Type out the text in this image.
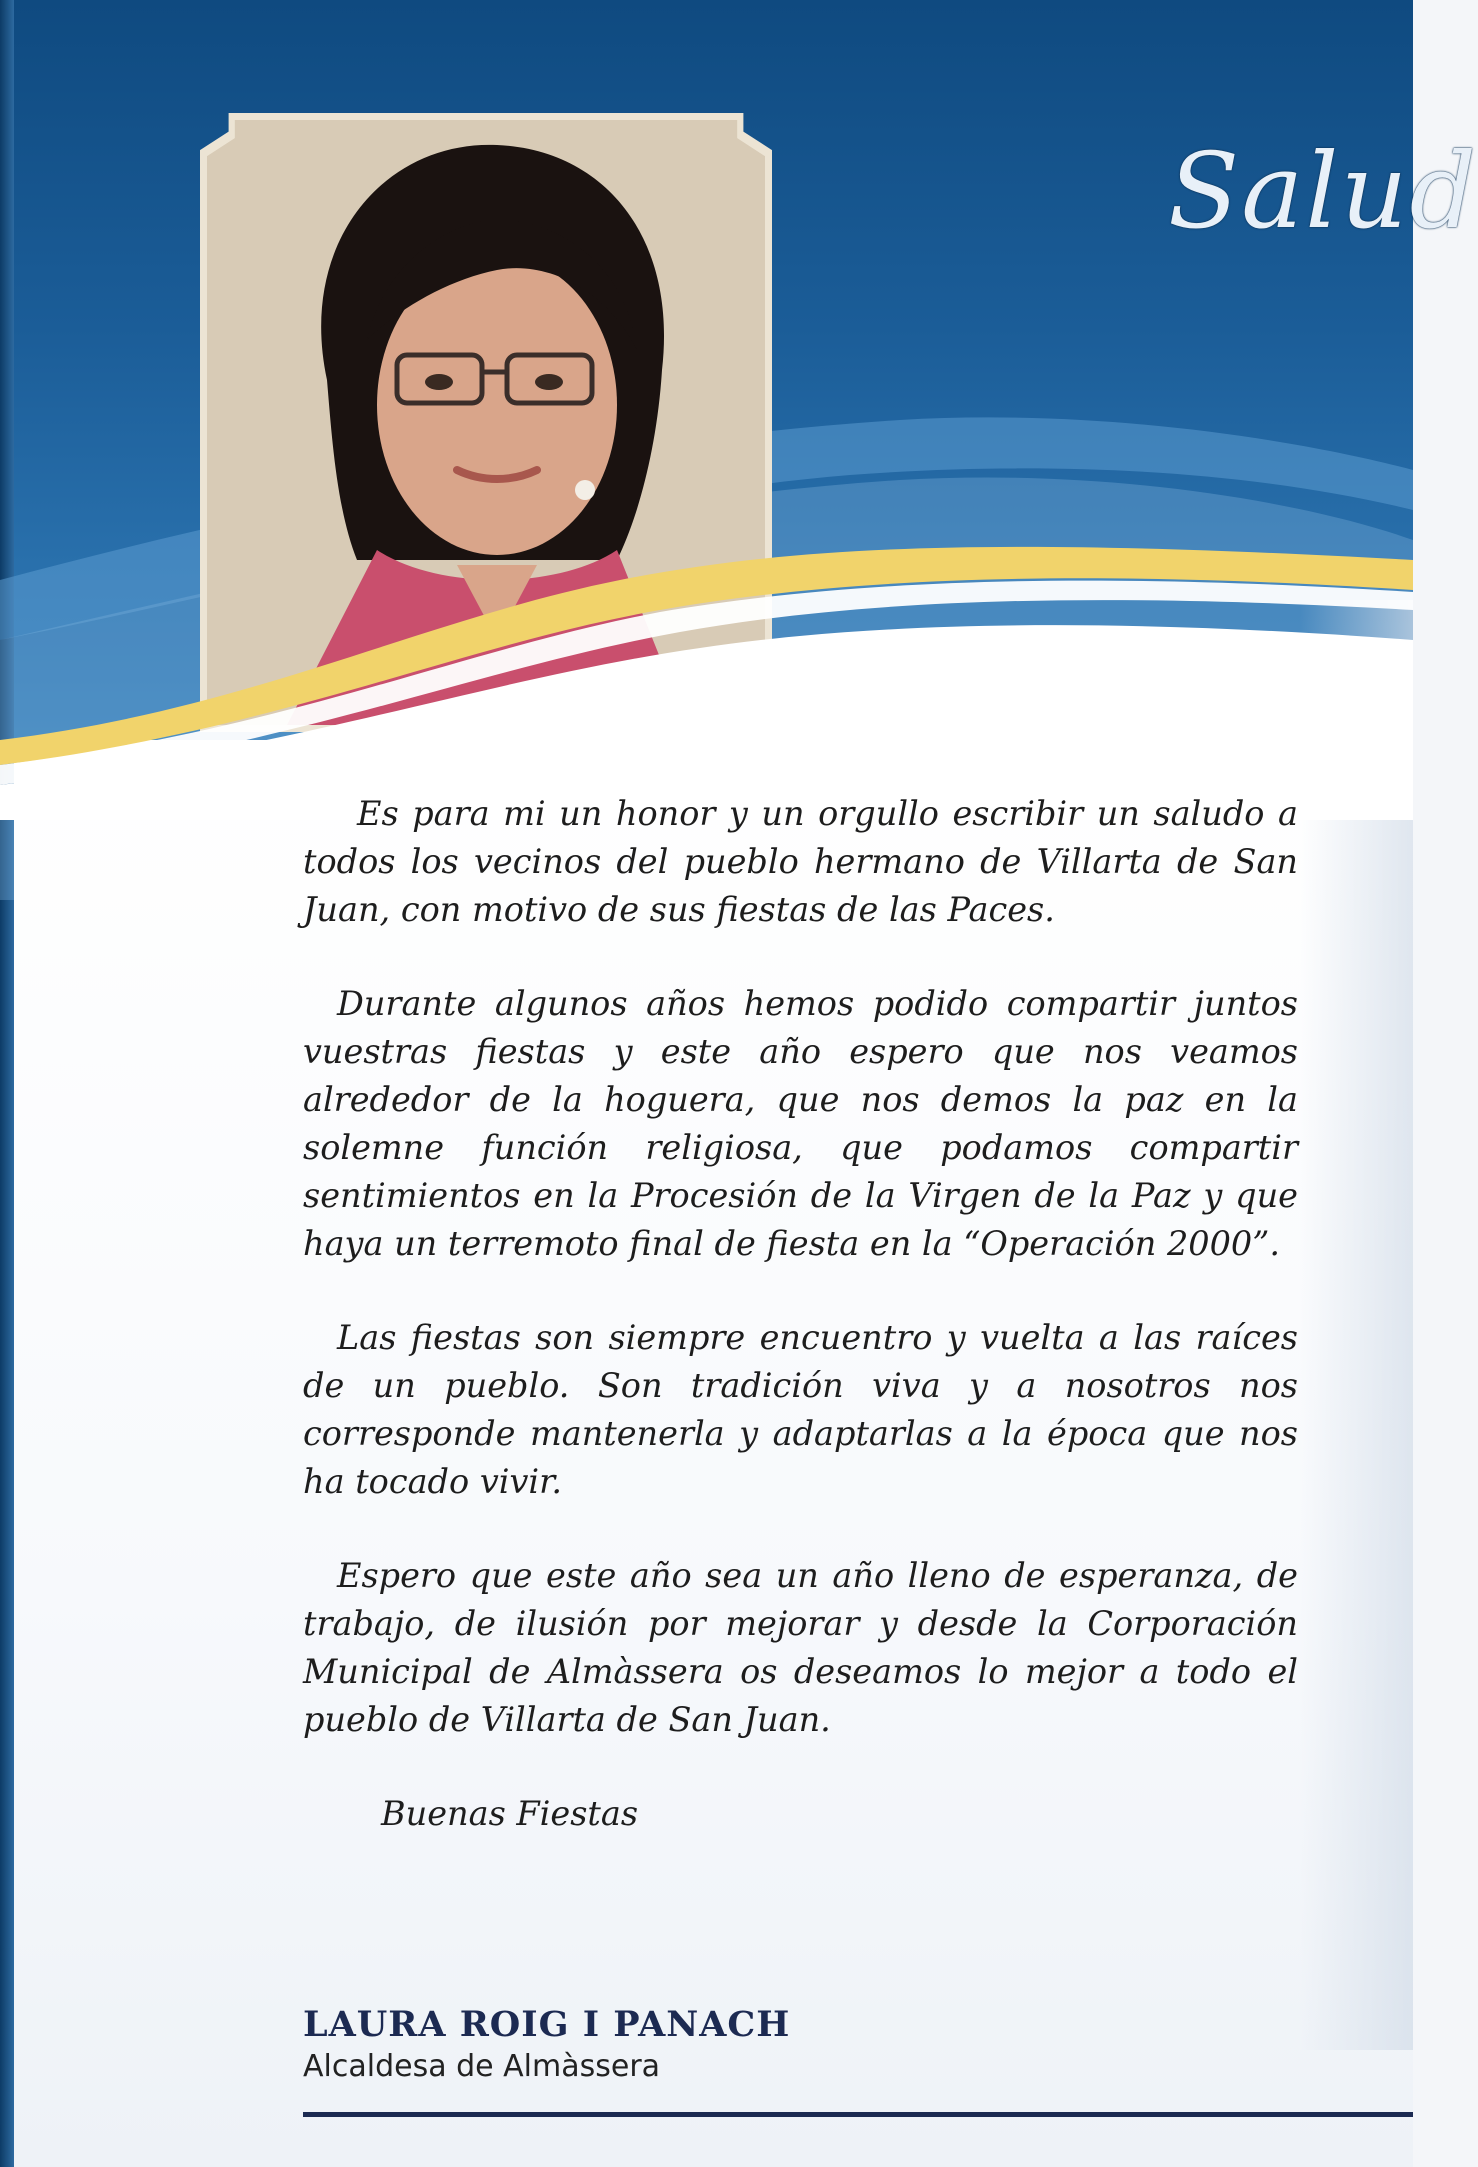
Salud

Es para mi un honor y un orgullo escribir un saludo a todos los vecinos del pueblo hermano de Villarta de San Juan, con motivo de sus fiestas de las Paces.

Durante algunos años hemos podido compartir juntos vuestras fiestas y este año espero que nos veamos alrededor de la hoguera, que nos demos la paz en la solemne función religiosa, que podamos compartir sentimientos en la Procesión de la Virgen de la Paz y que haya un terremoto final de fiesta en la “Operación 2000”.

Las fiestas son siempre encuentro y vuelta a las raíces de un pueblo. Son tradición viva y a nosotros nos corresponde mantenerla y adaptarlas a la época que nos ha tocado vivir.

Espero que este año sea un año lleno de esperanza, de trabajo, de ilusión por mejorar y desde la Corporación Municipal de Almàssera os deseamos lo mejor a todo el pueblo de Villarta de San Juan.

Buenas Fiestas

LAURA ROIG I PANACH
Alcaldesa de Almàssera
